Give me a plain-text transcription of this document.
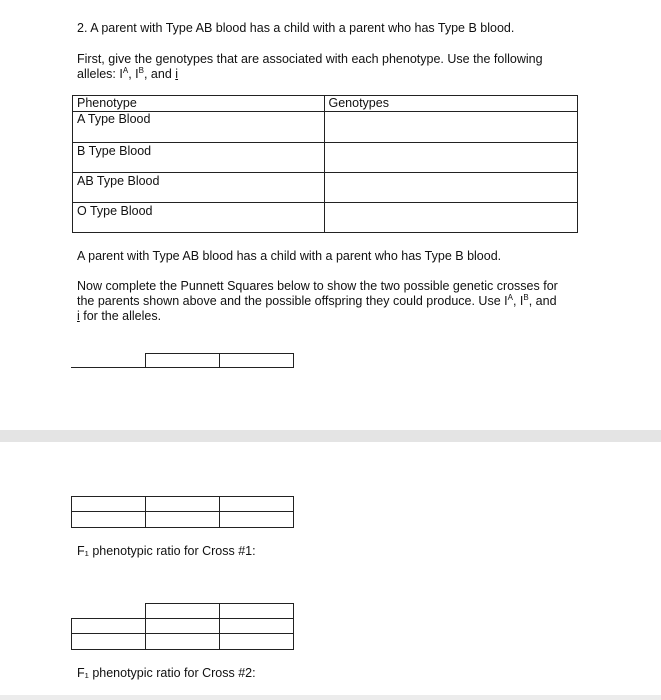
2. A parent with Type AB blood has a child with a parent who has Type B blood.
First, give the genotypes that are associated with each phenotype. Use the following
alleles: $I^A$, $I^B$, and i
Phenotype	Genotypes
A Type Blood	
B Type Blood	
AB Type Blood	
O Type Blood	
A parent with Type AB blood has a child with a parent who has Type B blood.
Now complete the Punnett Squares below to show the two possible genetic crosses for
the parents shown above and the possible offspring they could produce. Use $I^A$, $I^B$, and
i for the alleles.
F₁ phenotypic ratio for Cross #1:
F₁ phenotypic ratio for Cross #2:
